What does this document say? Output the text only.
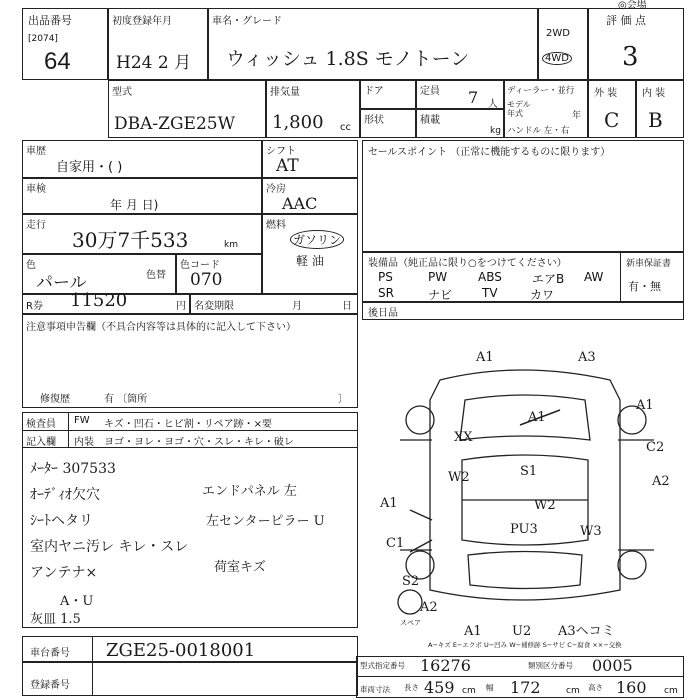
出品番号
[2074]
64
初度登録年月
H24 2 月
車名・グレード
ウィッシュ 1.8S モノトーン
2WD
4WD
評 価 点
3
◎会場
型式
DBA-ZGE25W
排気量
1,800 cc
ドア
形状
定員 7 人
積載
kg
ディーラー・並行
モデル年式	年
ハンドル 左・右
外 装
C
内 装
B
車歴
自家用・( )
シフト
AT
車検
年 月 日)
冷房
AAC
走行
30万7千533	km
燃料
ガソリン
軽 油
色
パール	色替
色コード
070
R券 11520	円 名変期限	月	日
セールスポイント （正常に機能するものに限ります）
装備品（純正品に限り○をつけてください）	新車保証書
有・無
PS	PW	ABS	エアB AW
SR	ナビ TV	カワ
後日品
注意事項申告欄（不具合内容等は具体的に記入して下さい）
修復歴	有 〔箇所	〕
検査員
記入欄
FW キズ・凹石・ヒビ割・リペア跡・×要
内装 ヨゴ・ヨレ・ヨゴ・穴・スレ・キレ・破レ
ﾒｰﾀｰ 307533
ｵｰﾃﾞｨｵ欠穴
ｼｰﾄヘタリ
室内ヤニ汚レ キレ・スレ
アンテナ×
A・U
灰皿 1.5
エンドパネル 左
左センターピラー U
荷室キズ
車台番号 ZGE25-0018001
登録番号
A1	A3
A1
A1
XX
W2	S1
C2
A2
A1	W2
C1
PU3	W3
S2
A2
A1 U2 A3ヘコミ
スペア
A−キズ E−エクボ U−凹み W−補修跡 S−サビ C−腐食 ××−交換
型式指定番号 16276	類別区分番号 0005
車両寸法 長さ 459 cm 幅 172	cm 高さ 160 cm
